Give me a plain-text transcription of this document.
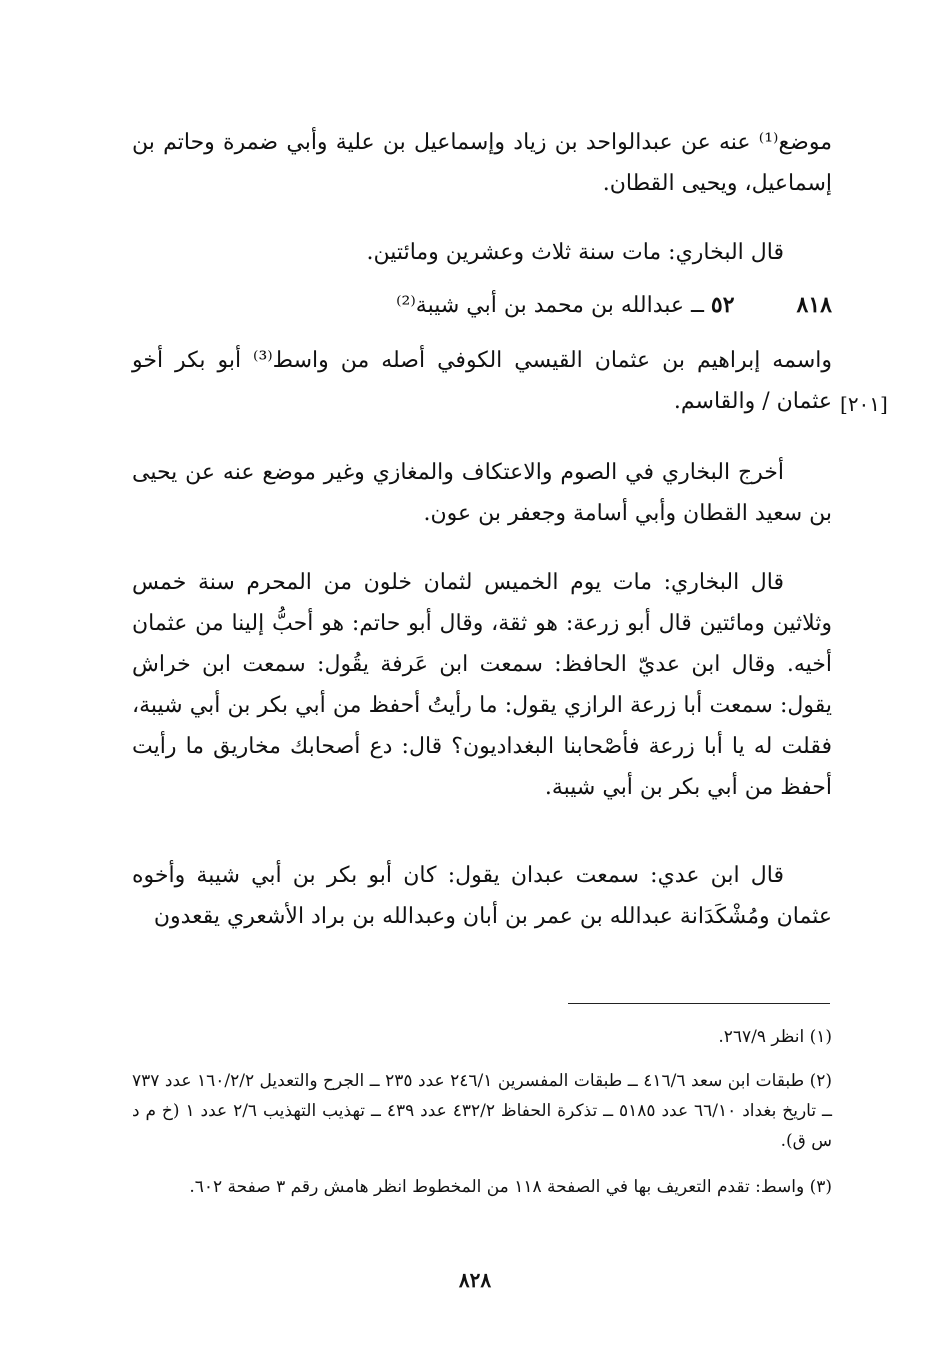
موضع⁽¹⁾ عنه عن عبدالواحد بن زياد وإسماعيل بن علية وأبي ضمرة وحاتم بن إسماعيل، ويحيى القطان.
قال البخاري: مات سنة ثلاث وعشرين ومائتين.
٨١٨  ٥٢ ــ عبدالله بن محمد بن أبي شيبة⁽²⁾
واسمه إبراهيم بن عثمان القيسي الكوفي أصله من واسط⁽³⁾ أبو بكر أخو عثمان / والقاسم. [٢٠١]
أخرج البخاري في الصوم والاعتكاف والمغازي وغير موضع عنه عن يحيى بن سعيد القطان وأبي أسامة وجعفر بن عون.
قال البخاري: مات يوم الخميس لثمان خلون من المحرم سنة خمس وثلاثين ومائتين قال أبو زرعة: هو ثقة، وقال أبو حاتم: هو أحبُّ إلينا من عثمان أخيه. وقال ابن عديّ الحافظ: سمعت ابن عَرفة يقُول: سمعت ابن خراش يقول: سمعت أبا زرعة الرازي يقول: ما رأيتُ أحفظ من أبي بكر بن أبي شيبة، فقلت له يا أبا زرعة فأصْحابنا البغداديون؟ قال: دع أصحابك مخاريق ما رأيت أحفظ من أبي بكر بن أبي شيبة.
قال ابن عدي: سمعت عبدان يقول: كان أبو بكر بن أبي شيبة وأخوه عثمان ومُشْكَدَانة عبدالله بن عمر بن أبان وعبدالله بن براد الأشعري يقعدون
(١) انظر ٢٦٧/٩.
(٢) طبقات ابن سعد ٤١٦/٦ ــ طبقات المفسرين ٢٤٦/١ عدد ٢٣٥ ــ الجرح والتعديل ١٦٠/٢/٢ عدد ٧٣٧ ــ تاريخ بغداد ٦٦/١٠ عدد ٥١٨٥ ــ تذكرة الحفاظ ٤٣٢/٢ عدد ٤٣٩ ــ تهذيب التهذيب ٢/٦ عدد ١ (خ م د س ق).
(٣) واسط: تقدم التعريف بها في الصفحة ١١٨ من المخطوط انظر هامش رقم ٣ صفحة ٦٠٢.
٨٢٨
